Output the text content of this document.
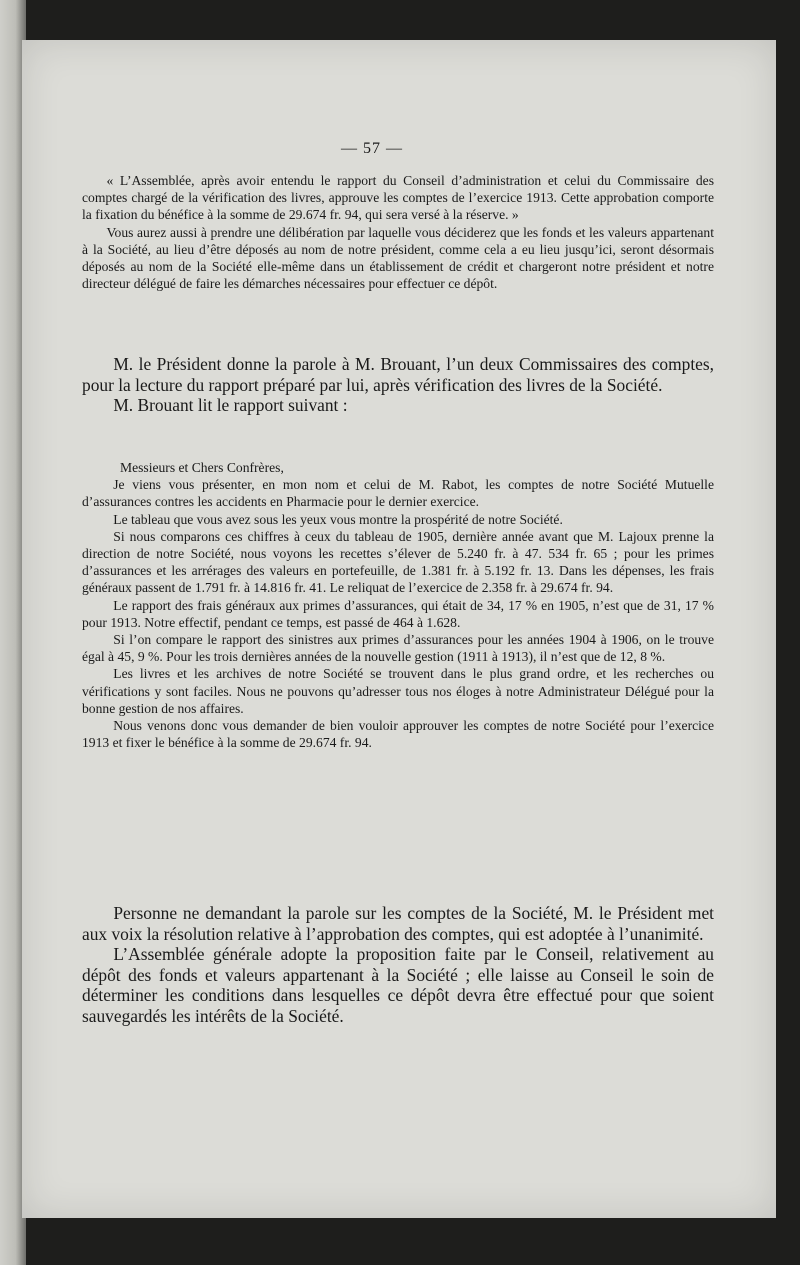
— 57 —

« L’Assemblée, après avoir entendu le rapport du Conseil d’administration et celui du Commissaire des comptes chargé de la vérification des livres, approuve les comptes de l’exercice 1913. Cette approbation comporte la fixation du bénéfice à la somme de 29.674 fr. 94, qui sera versé à la réserve. »

Vous aurez aussi à prendre une délibération par laquelle vous déciderez que les fonds et les valeurs appartenant à la Société, au lieu d’être déposés au nom de notre président, comme cela a eu lieu jusqu’ici, seront désormais déposés au nom de la Société elle-même dans un établissement de crédit et chargeront notre président et notre directeur délégué de faire les démarches nécessaires pour effectuer ce dépôt.

M. le Président donne la parole à M. Brouant, l’un deux Commissaires des comptes, pour la lecture du rapport préparé par lui, après vérification des livres de la Société.

M. Brouant lit le rapport suivant :

Messieurs et Chers Confrères,

Je viens vous présenter, en mon nom et celui de M. Rabot, les comptes de notre Société Mutuelle d’assurances contres les accidents en Pharmacie pour le dernier exercice.

Le tableau que vous avez sous les yeux vous montre la prospérité de notre Société.

Si nous comparons ces chiffres à ceux du tableau de 1905, dernière année avant que M. Lajoux prenne la direction de notre Société, nous voyons les recettes s’élever de 5.240 fr. à 47. 534 fr. 65 ; pour les primes d’assurances et les arrérages des valeurs en portefeuille, de 1.381 fr. à 5.192 fr. 13. Dans les dépenses, les frais généraux passent de 1.791 fr. à 14.816 fr. 41. Le reliquat de l’exercice de 2.358 fr. à 29.674 fr. 94.

Le rapport des frais généraux aux primes d’assurances, qui était de 34, 17 % en 1905, n’est que de 31, 17 % pour 1913. Notre effectif, pendant ce temps, est passé de 464 à 1.628.

Si l’on compare le rapport des sinistres aux primes d’assurances pour les années 1904 à 1906, on le trouve égal à 45, 9 %. Pour les trois dernières années de la nouvelle gestion (1911 à 1913), il n’est que de 12, 8 %.

Les livres et les archives de notre Société se trouvent dans le plus grand ordre, et les recherches ou vérifications y sont faciles. Nous ne pouvons qu’adresser tous nos éloges à notre Administrateur Délégué pour la bonne gestion de nos affaires.

Nous venons donc vous demander de bien vouloir approuver les comptes de notre Société pour l’exercice 1913 et fixer le bénéfice à la somme de 29.674 fr. 94.

Personne ne demandant la parole sur les comptes de la Société, M. le Président met aux voix la résolution relative à l’approbation des comptes, qui est adoptée à l’unanimité.

L’Assemblée générale adopte la proposition faite par le Conseil, relativement au dépôt des fonds et valeurs appartenant à la Société ; elle laisse au Conseil le soin de déterminer les conditions dans lesquelles ce dépôt devra être effectué pour que soient sauvegardés les intérêts de la Société.
